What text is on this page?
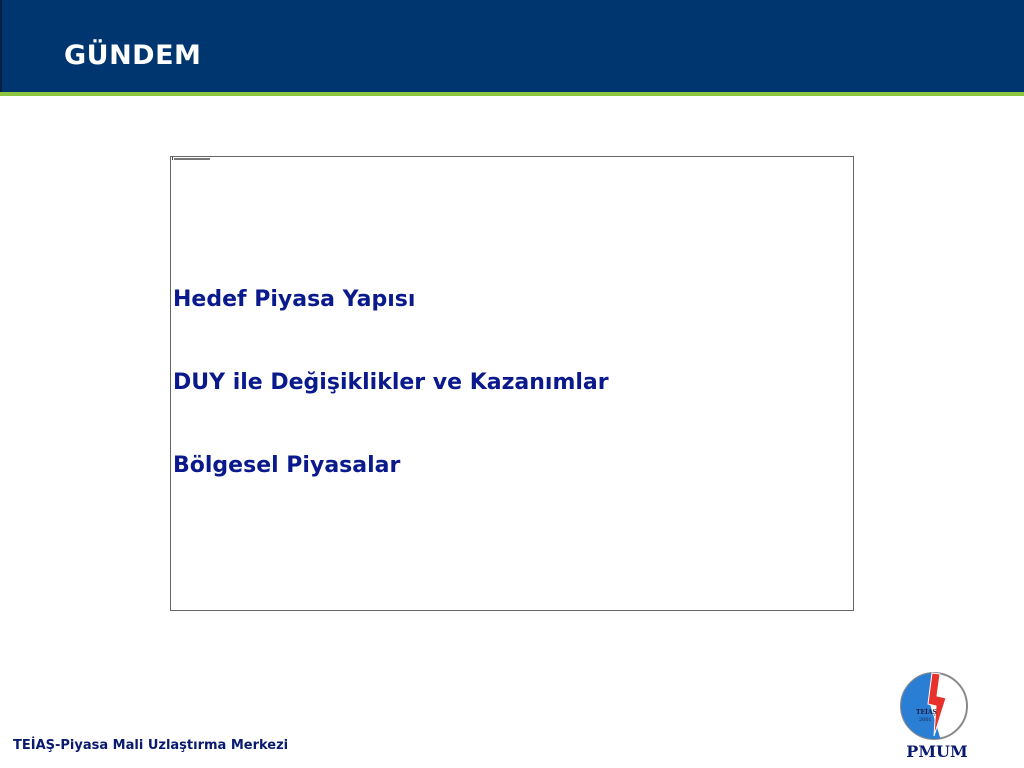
GÜNDEM
Hedef Piyasa Yapısı
DUY ile Değişiklikler ve Kazanımlar
Bölgesel Piyasalar
TEİAŞ-Piyasa Mali Uzlaştırma Merkezi
TEİAŞ
2001
PMUM
